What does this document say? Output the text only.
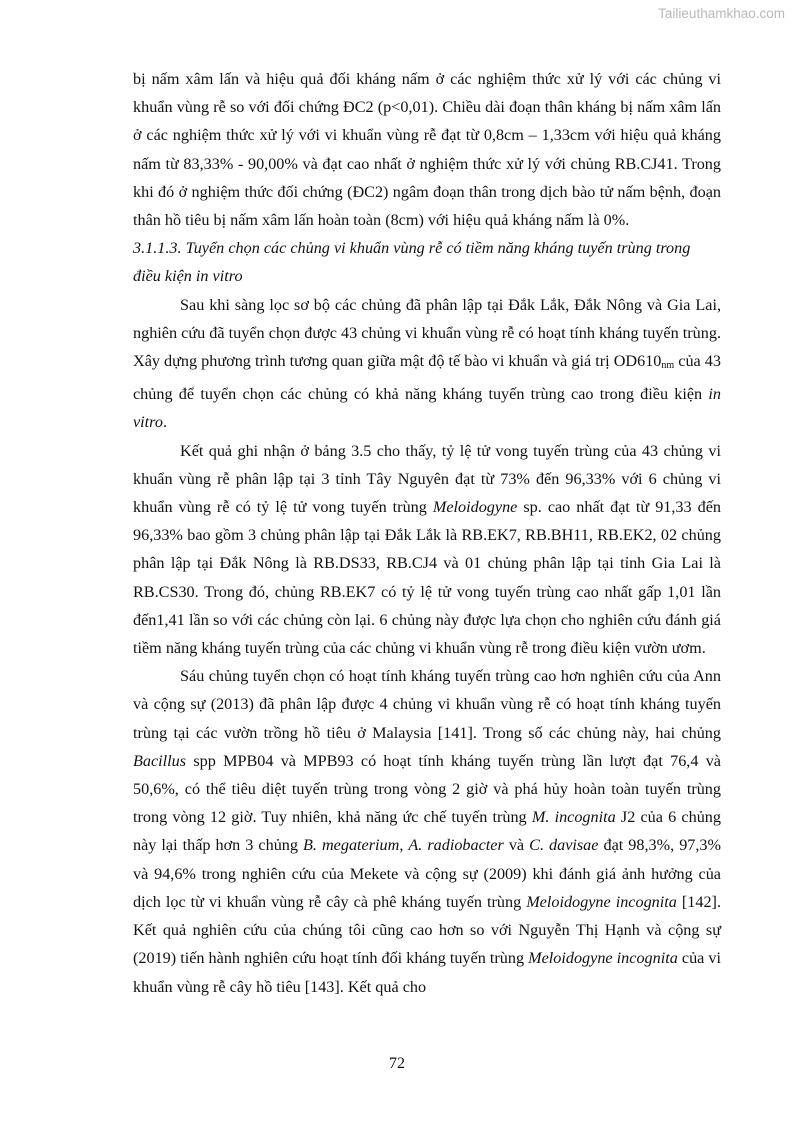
Tailieuthamkhao.com

bị nấm xâm lấn và hiệu quả đối kháng nấm ở các nghiệm thức xử lý với các chủng vi khuẩn vùng rễ so với đối chứng ĐC2 (p<0,01). Chiều dài đoạn thân kháng bị nấm xâm lấn ở các nghiệm thức xử lý với vi khuẩn vùng rễ đạt từ 0,8cm – 1,33cm với hiệu quả kháng nấm từ 83,33% - 90,00% và đạt cao nhất ở nghiệm thức xử lý với chủng RB.CJ41. Trong khi đó ở nghiệm thức đối chứng (ĐC2) ngâm đoạn thân trong dịch bào tử nấm bệnh, đoạn thân hồ tiêu bị nấm xâm lấn hoàn toàn (8cm) với hiệu quả kháng nấm là 0%.

3.1.1.3. Tuyển chọn các chủng vi khuẩn vùng rễ có tiềm năng kháng tuyến trùng trong điều kiện in vitro

Sau khi sàng lọc sơ bộ các chủng đã phân lập tại Đắk Lắk, Đắk Nông và Gia Lai, nghiên cứu đã tuyển chọn được 43 chủng vi khuẩn vùng rễ có hoạt tính kháng tuyến trùng. Xây dựng phương trình tương quan giữa mật độ tế bào vi khuẩn và giá trị $OD610_{nm}$ của 43 chủng để tuyển chọn các chủng có khả năng kháng tuyến trùng cao trong điều kiện in vitro.

Kết quả ghi nhận ở bảng 3.5 cho thấy, tỷ lệ tử vong tuyến trùng của 43 chủng vi khuẩn vùng rễ phân lập tại 3 tỉnh Tây Nguyên đạt từ 73% đến 96,33% với 6 chủng vi khuẩn vùng rễ có tỷ lệ tử vong tuyến trùng Meloidogyne sp. cao nhất đạt từ 91,33 đến 96,33% bao gồm 3 chủng phân lập tại Đắk Lắk là RB.EK7, RB.BH11, RB.EK2, 02 chủng phân lập tại Đắk Nông là RB.DS33, RB.CJ4 và 01 chủng phân lập tại tỉnh Gia Lai là RB.CS30. Trong đó, chủng RB.EK7 có tỷ lệ tử vong tuyến trùng cao nhất gấp 1,01 lần đến1,41 lần so với các chủng còn lại. 6 chủng này được lựa chọn cho nghiên cứu đánh giá tiềm năng kháng tuyến trùng của các chủng vi khuẩn vùng rễ trong điều kiện vườn ươm.

Sáu chủng tuyển chọn có hoạt tính kháng tuyến trùng cao hơn nghiên cứu của Ann và cộng sự (2013) đã phân lập được 4 chủng vi khuẩn vùng rễ có hoạt tính kháng tuyến trùng tại các vườn trồng hồ tiêu ở Malaysia [141]. Trong số các chủng này, hai chủng Bacillus spp MPB04 và MPB93 có hoạt tính kháng tuyến trùng lần lượt đạt 76,4 và 50,6%, có thể tiêu diệt tuyến trùng trong vòng 2 giờ và phá hủy hoàn toàn tuyến trùng trong vòng 12 giờ. Tuy nhiên, khả năng ức chế tuyến trùng M. incognita J2 của 6 chủng này lại thấp hơn 3 chủng B. megaterium, A. radiobacter và C. davisae đạt 98,3%, 97,3% và 94,6% trong nghiên cứu của Mekete và cộng sự (2009) khi đánh giá ảnh hưởng của dịch lọc từ vi khuẩn vùng rễ cây cà phê kháng tuyến trùng Meloidogyne incognita [142]. Kết quả nghiên cứu của chúng tôi cũng cao hơn so với Nguyễn Thị Hạnh và cộng sự (2019) tiến hành nghiên cứu hoạt tính đối kháng tuyến trùng Meloidogyne incognita của vi khuẩn vùng rễ cây hồ tiêu [143]. Kết quả cho

72
